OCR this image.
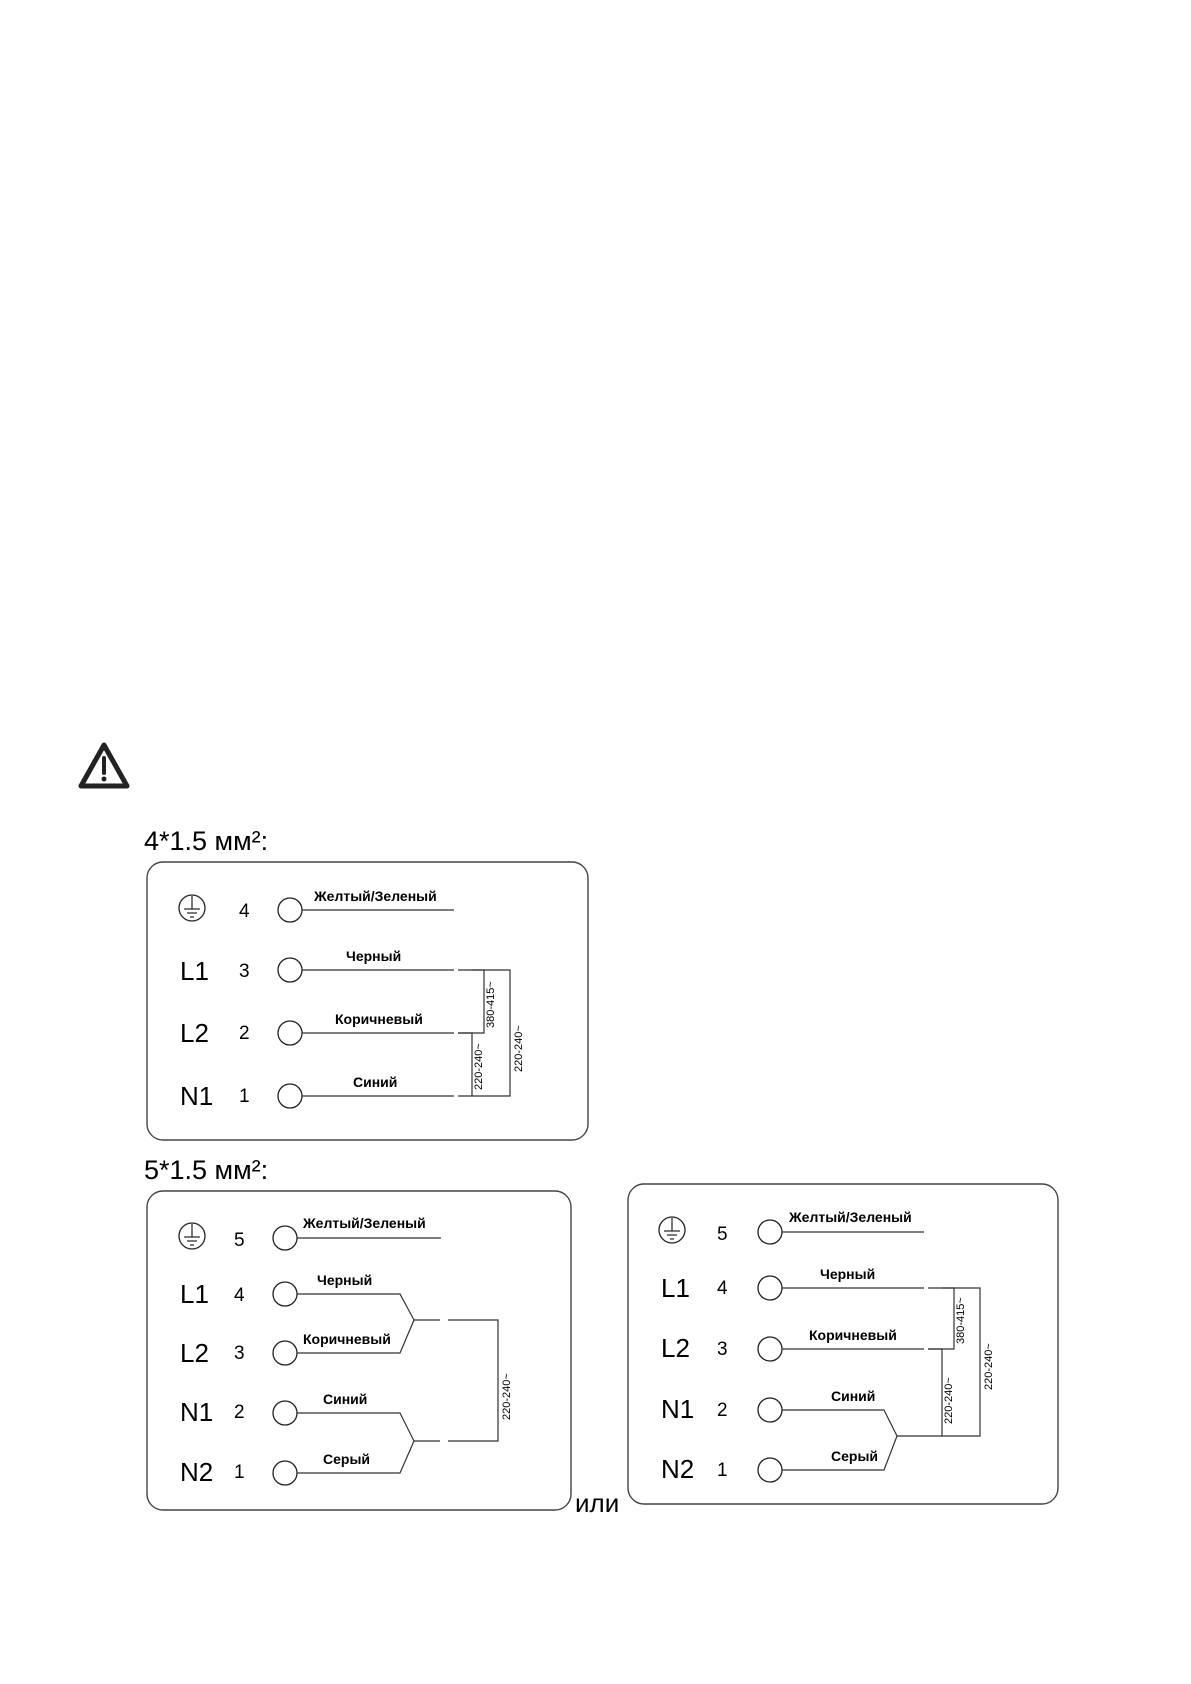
4*1.5 мм²:
5*1.5 мм²:
4
Желтый/Зеленый
L1 3
Черный
L2 2
Коричневый
N1 1
Синий
380-415~
220-240~	220-240~
5
Желтый/Зеленый
L1 4
Черный
L2 3
Коричневый
N1 2
Синий
N2 1
Серый
220-240~
или
5
Желтый/Зеленый
L1 4
Черный
L2 3
Коричневый
N1 2
Синий
N2 1
Серый
380-415~
220-240~
220-240~
